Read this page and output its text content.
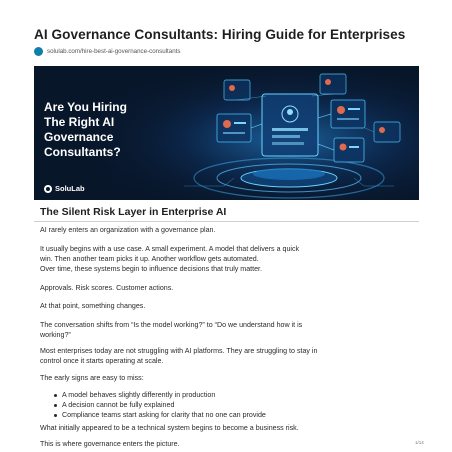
AI Governance Consultants: Hiring Guide for Enterprises
solulab.com/hire-best-ai-governance-consultants
Are You Hiring
The Right AI
Governance
Consultants?
SoluLab
The Silent Risk Layer in Enterprise AI
AI rarely enters an organization with a governance plan.
It usually begins with a use case. A small experiment. A model that delivers a quick
win. Then another team picks it up. Another workflow gets automated.
Over time, these systems begin to influence decisions that truly matter.
Approvals. Risk scores. Customer actions.
At that point, something changes.
The conversation shifts from “Is the model working?” to “Do we understand how it is
working?”
Most enterprises today are not struggling with AI platforms. They are struggling to stay in
control once it starts operating at scale.
The early signs are easy to miss:
A model behaves slightly differently in production
A decision cannot be fully explained
Compliance teams start asking for clarity that no one can provide
What initially appeared to be a technical system begins to become a business risk.
This is where governance enters the picture.	1/14
